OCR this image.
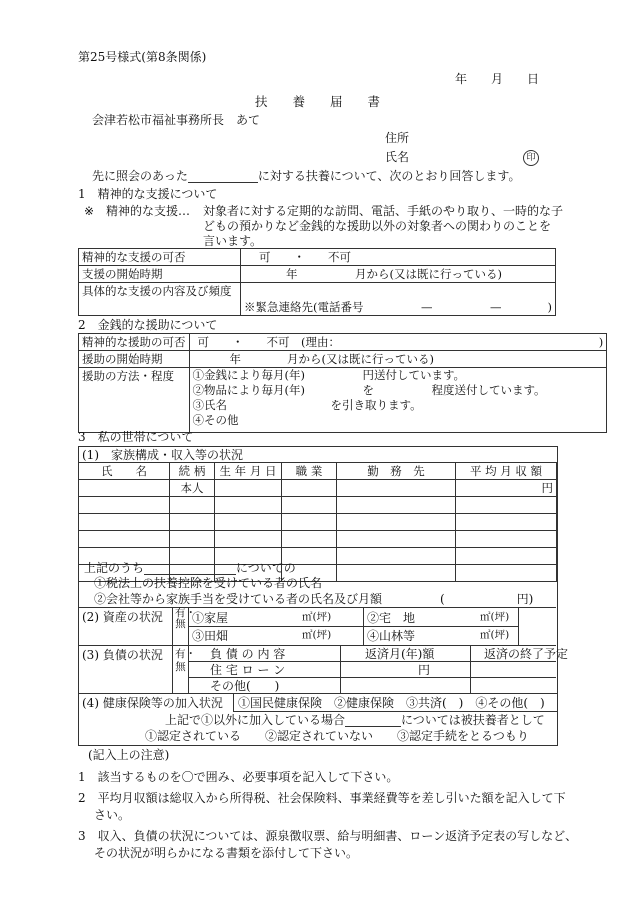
第25号様式(第8条関係)
年　　月　　日
扶　　養　　届　　書
会津若松市福祉事務所長　あて
住所
氏名	印
先に照会のあった	に対する扶養について、次のとおり回答します。
1　精神的な支援について
※ 精神的な支援… 対象者に対する定期的な訪問、電話、手紙のやり取り、一時的な子
どもの預かりなど金銭的な援助以外の対象者への関わりのことを
言います。
精神的な支援の可否	可　　・　　不可
支援の開始時期	年　　　　　月から(又は既に行っている)
具体的な支援の内容及び頻度	※緊急連絡先(電話番号　　　　　—　　　　　—　　　　)
2　金銭的な援助について
精神的な援助の可否	可　　・　　不可　(理由：　　　　　　　　　　　　　　　　　　　　　　　)
援助の開始時期	年　　　　月から(又は既に行っている)
援助の方法・程度	①金銭により毎月(年)　　　　　円送付しています。
②物品により毎月(年)　　　　　を　　　　　程度送付しています。
③氏名　　　　　　　　　を引き取ります。
④その他
3　私の世帯について
(1)　家族構成・収入等の状況
氏　　名	続 柄	生 年 月 日	職 業	勤　務　先	平 均 月 収 額
	本人				円

上記のうち	についての
①税法上の扶養控除を受けている者の氏名
②会社等から家族手当を受けている者の氏名及び月額	(　　　　　　円)
(2) 資産の状況 有・無 ①家屋	㎡(坪)	②宅　地	㎡(坪)
③田畑	㎡(坪)	④山林等	㎡(坪)
(3) 負債の状況 有・無
負 債 の 内 容	返済月(年)額	返済の終了予定
住 宅 ロ ー ン	円
その他(　　)
(4) 健康保険等の加入状況 ①国民健康保険　②健康保険　③共済(　)　④その他(　)
上記で①以外に加入している場合	については被扶養者として
①認定されている　　②認定されていない　　③認定手続をとるつもり
(記入上の注意)
1　該当するものを〇で囲み、必要事項を記入して下さい。
2　平均月収額は総収入から所得税、社会保険料、事業経費等を差し引いた額を記入して下
さい。
3　収入、負債の状況については、源泉徴収票、給与明細書、ローン返済予定表の写しなど、
その状況が明らかになる書類を添付して下さい。
